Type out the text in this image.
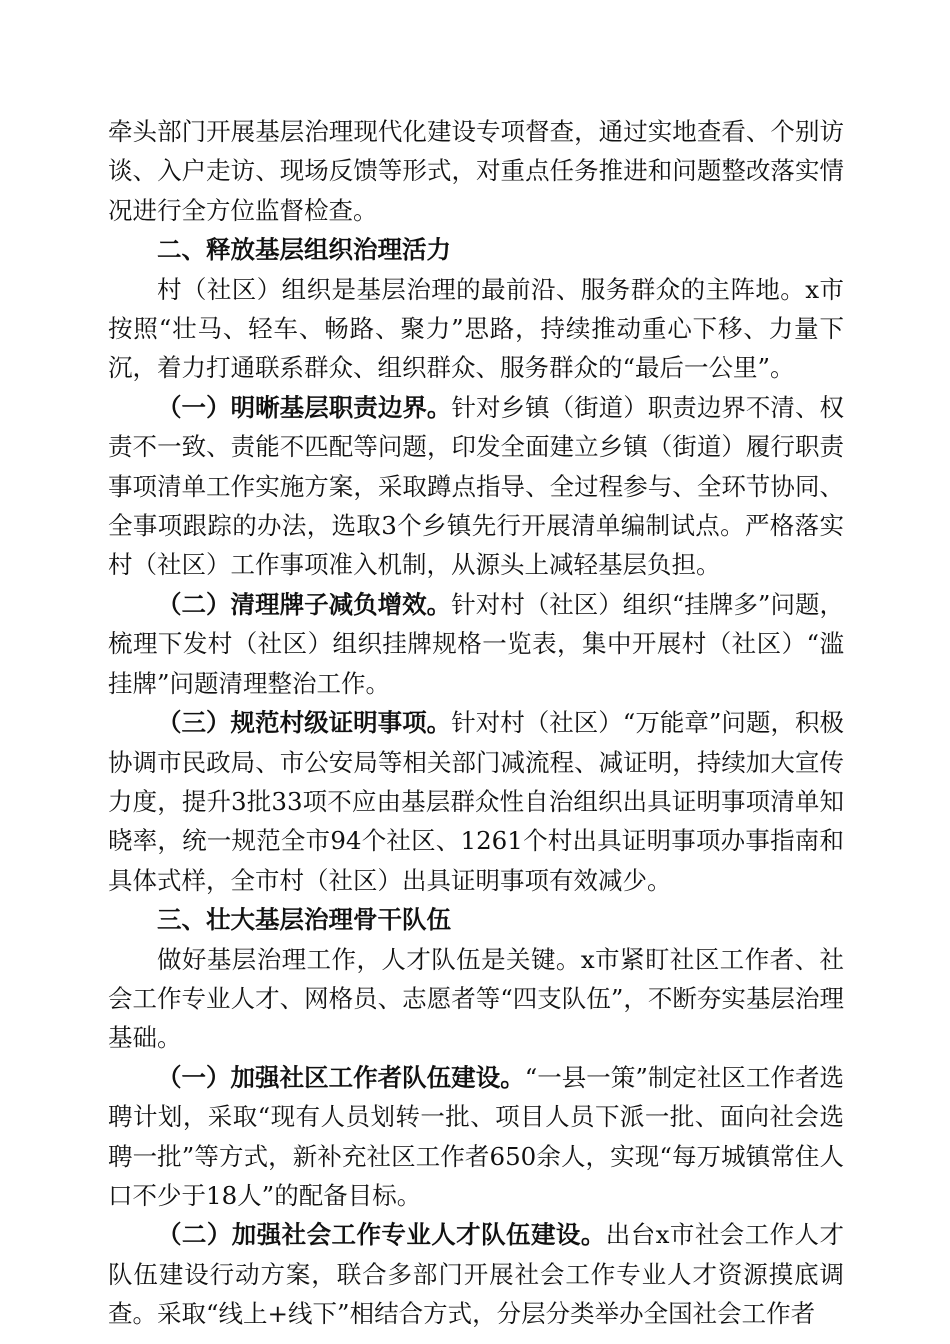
牵头部门开展基层治理现代化建设专项督查，通过实地查看、个别访谈、入户走访、现场反馈等形式，对重点任务推进和问题整改落实情况进行全方位监督检查。

二、释放基层组织治理活力

村（社区）组织是基层治理的最前沿、服务群众的主阵地。x市按照“壮马、轻车、畅路、聚力”思路，持续推动重心下移、力量下沉，着力打通联系群众、组织群众、服务群众的“最后一公里”。

（一）明晰基层职责边界。针对乡镇（街道）职责边界不清、权责不一致、责能不匹配等问题，印发全面建立乡镇（街道）履行职责事项清单工作实施方案，采取蹲点指导、全过程参与、全环节协同、全事项跟踪的办法，选取3个乡镇先行开展清单编制试点。严格落实村（社区）工作事项准入机制，从源头上减轻基层负担。

（二）清理牌子减负增效。针对村（社区）组织“挂牌多”问题，梳理下发村（社区）组织挂牌规格一览表，集中开展村（社区）“滥挂牌”问题清理整治工作。

（三）规范村级证明事项。针对村（社区）“万能章”问题，积极协调市民政局、市公安局等相关部门减流程、减证明，持续加大宣传力度，提升3批33项不应由基层群众性自治组织出具证明事项清单知晓率，统一规范全市94个社区、1261个村出具证明事项办事指南和具体式样，全市村（社区）出具证明事项有效减少。

三、壮大基层治理骨干队伍

做好基层治理工作，人才队伍是关键。x市紧盯社区工作者、社会工作专业人才、网格员、志愿者等“四支队伍”，不断夯实基层治理基础。

（一）加强社区工作者队伍建设。“一县一策”制定社区工作者选聘计划，采取“现有人员划转一批、项目人员下派一批、面向社会选聘一批”等方式，新补充社区工作者650余人，实现“每万城镇常住人口不少于18人”的配备目标。

（二）加强社会工作专业人才队伍建设。出台x市社会工作人才队伍建设行动方案，联合多部门开展社会工作专业人才资源摸底调查。采取“线上+线下”相结合方式，分层分类举办全国社会工作者
